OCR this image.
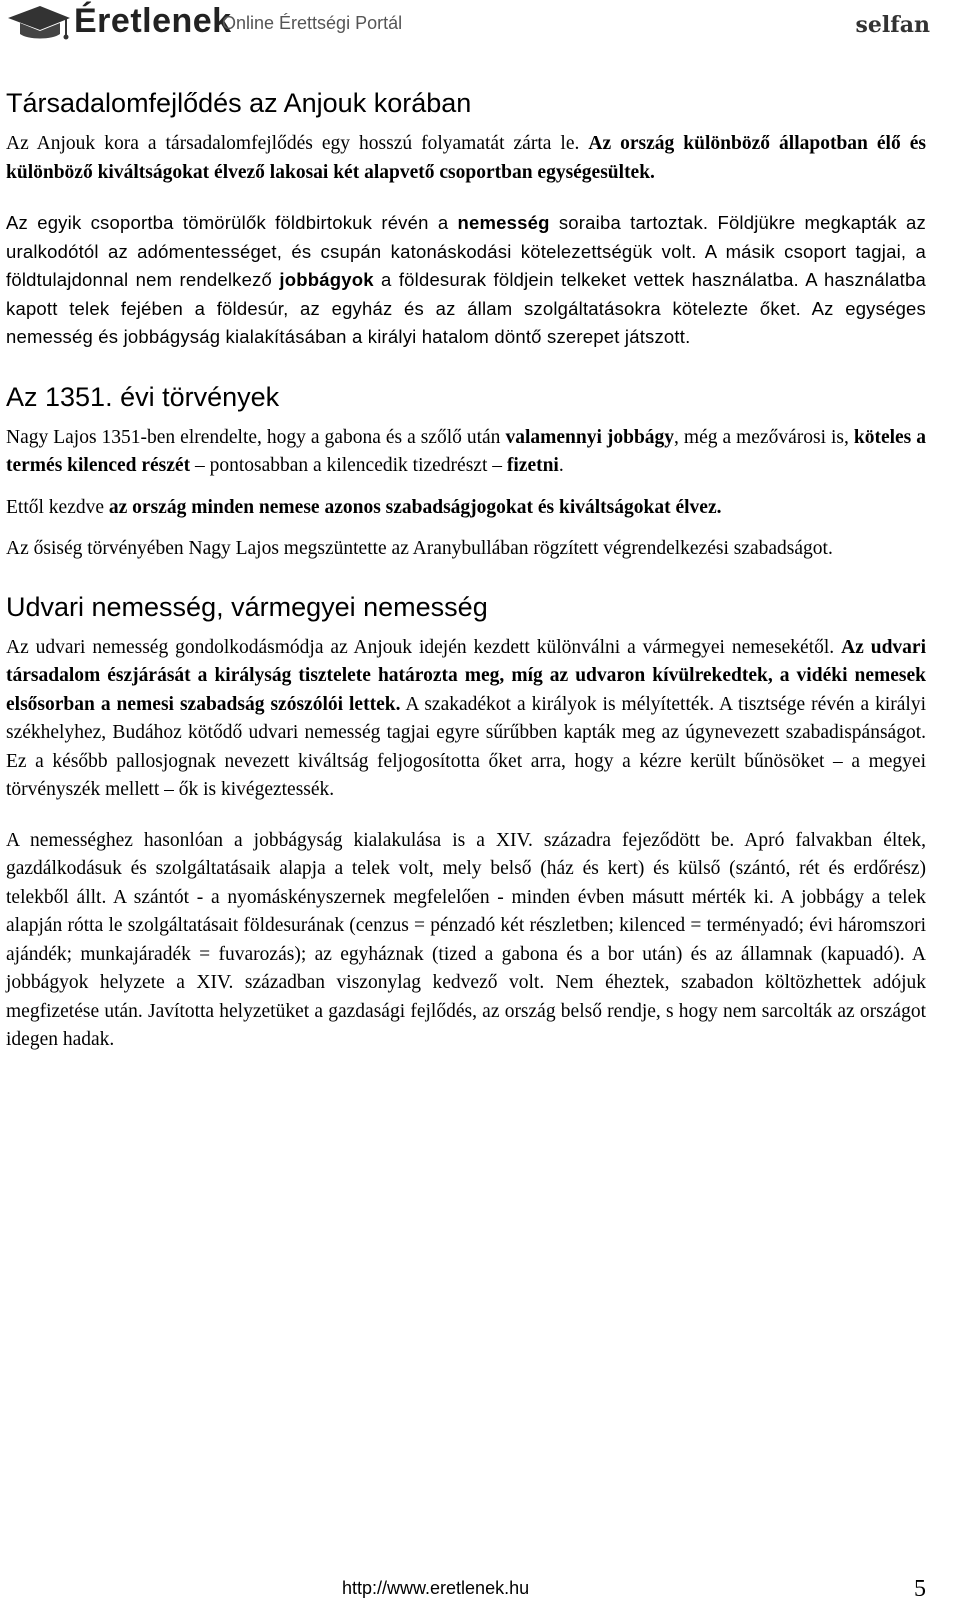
Éretlenek
Online Érettségi Portál	selfan
Társadalomfejlődés az Anjouk korában

Az Anjouk kora a társadalomfejlődés egy hosszú folyamatát zárta le. Az ország különböző állapotban élő és különböző kiváltságokat élvező lakosai két alapvető csoportban egységesültek.

Az egyik csoportba tömörülők földbirtokuk révén a nemesség soraiba tartoztak. Földjükre megkapták az uralkodótól az adómentességet, és csupán katonáskodási kötelezettségük volt. A másik csoport tagjai, a földtulajdonnal nem rendelkező jobbágyok a földesurak földjein telkeket vettek használatba. A használatba kapott telek fejében a földesúr, az egyház és az állam szolgáltatásokra kötelezte őket. Az egységes nemesség és jobbágyság kialakításában a királyi hatalom döntő szerepet játszott.

Az 1351. évi törvények

Nagy Lajos 1351-ben elrendelte, hogy a gabona és a szőlő után valamennyi jobbágy, még a mezővárosi is, köteles a termés kilenced részét – pontosabban a kilencedik tizedrészt – fizetni.

Ettől kezdve az ország minden nemese azonos szabadságjogokat és kiváltságokat élvez.

Az ősiség törvényében Nagy Lajos megszüntette az Aranybullában rögzített végrendelkezési szabadságot.

Udvari nemesség, vármegyei nemesség

Az udvari nemesség gondolkodásmódja az Anjouk idején kezdett különválni a vármegyei nemesekétől. Az udvari társadalom észjárását a királyság tisztelete határozta meg, míg az udvaron kívülrekedtek, a vidéki nemesek elsősorban a nemesi szabadság szószólói lettek. A szakadékot a királyok is mélyítették. A tisztsége révén a királyi székhelyhez, Budához kötődő udvari nemesség tagjai egyre sűrűbben kapták meg az úgynevezett szabadispánságot. Ez a később pallosjognak nevezett kiváltság feljogosította őket arra, hogy a kézre került bűnösöket – a megyei törvényszék mellett – ők is kivégeztessék.

A nemességhez hasonlóan a jobbágyság kialakulása is a XIV. századra fejeződött be. Apró falvakban éltek, gazdálkodásuk és szolgáltatásaik alapja a telek volt, mely belső (ház és kert) és külső (szántó, rét és erdőrész) telekből állt. A szántót - a nyomáskényszernek megfelelően - minden évben másutt mérték ki. A jobbágy a telek alapján rótta le szolgáltatásait földesurának (cenzus = pénzadó két részletben; kilenced = terményadó; évi háromszori ajándék; munkajáradék = fuvarozás); az egyháznak (tized a gabona és a bor után) és az államnak (kapuadó). A jobbágyok helyzete a XIV. században viszonylag kedvező volt. Nem éheztek, szabadon költözhettek adójuk megfizetése után. Javította helyzetüket a gazdasági fejlődés, az ország belső rendje, s hogy nem sarcolták az országot idegen hadak.

http://www.eretlenek.hu	5
